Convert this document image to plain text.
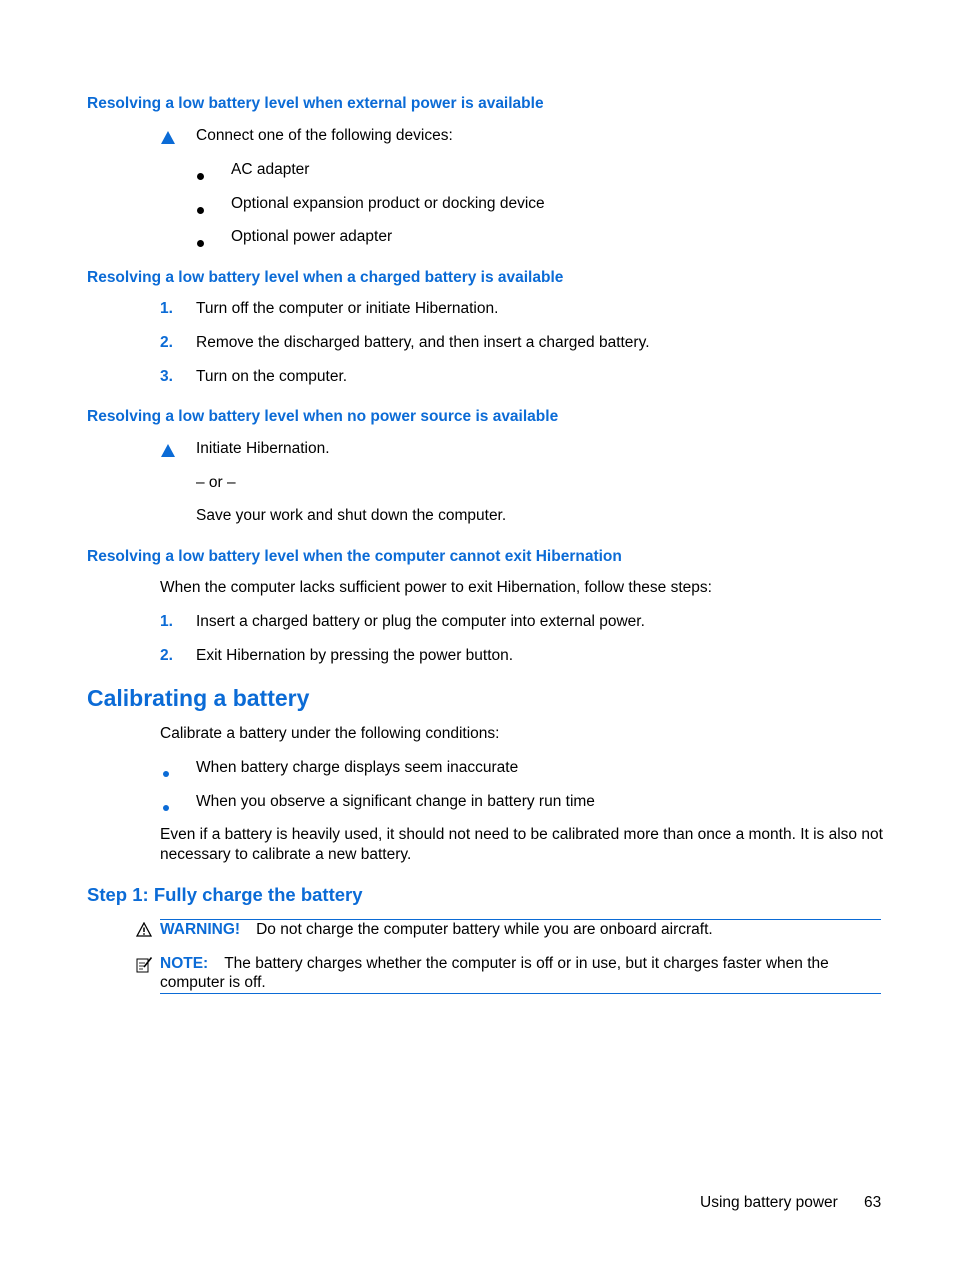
Resolving a low battery level when external power is available
Connect one of the following devices:
AC adapter
Optional expansion product or docking device
Optional power adapter
Resolving a low battery level when a charged battery is available
1. Turn off the computer or initiate Hibernation.
2. Remove the discharged battery, and then insert a charged battery.
3. Turn on the computer.
Resolving a low battery level when no power source is available
Initiate Hibernation.
– or –
Save your work and shut down the computer.
Resolving a low battery level when the computer cannot exit Hibernation
When the computer lacks sufficient power to exit Hibernation, follow these steps:
1. Insert a charged battery or plug the computer into external power.
2. Exit Hibernation by pressing the power button.
Calibrating a battery
Calibrate a battery under the following conditions:
When battery charge displays seem inaccurate
When you observe a significant change in battery run time
Even if a battery is heavily used, it should not need to be calibrated more than once a month. It is also not necessary to calibrate a new battery.
Step 1: Fully charge the battery
WARNING! Do not charge the computer battery while you are onboard aircraft.
NOTE: The battery charges whether the computer is off or in use, but it charges faster when the computer is off.
Using battery power 63
